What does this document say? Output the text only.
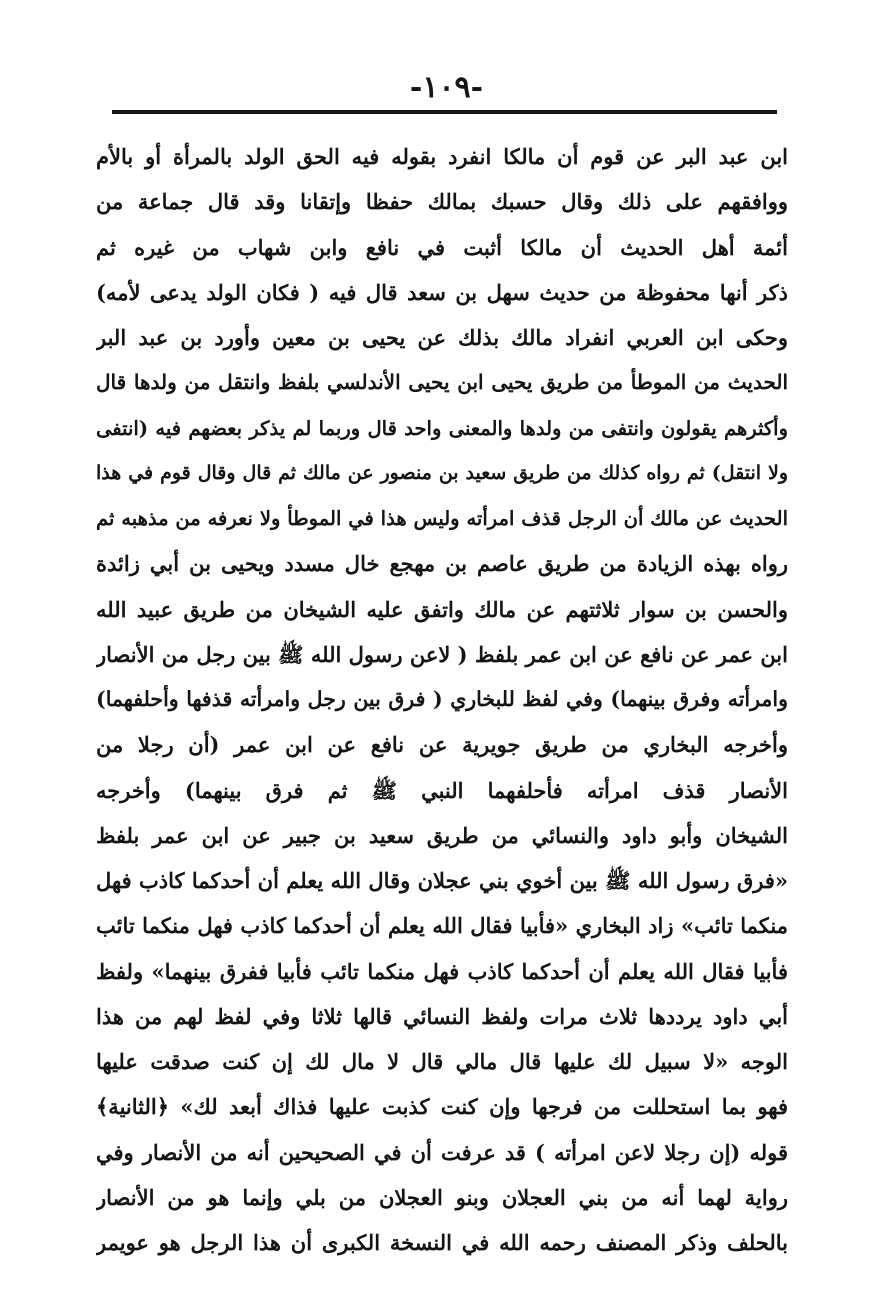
-١٠٩-
ابن عبد البر عن قوم أن مالكا انفرد بقوله فيه الحق الولد بالمرأة أو بالأم
ووافقهم على ذلك وقال حسبك بمالك حفظا وإتقانا وقد قال جماعة من
أئمة أهل الحديث أن مالكا أثبت في نافع وابن شهاب من غيره ثم
ذكر أنها محفوظة من حديث سهل بن سعد قال فيه ( فكان الولد يدعى لأمه)
وحكى ابن العربي انفراد مالك بذلك عن يحيى بن معين وأورد بن عبد البر
الحديث من الموطأ من طريق يحيى ابن يحيى الأندلسي بلفظ وانتقل من ولدها قال
وأكثرهم يقولون وانتفى من ولدها والمعنى واحد قال وربما لم يذكر بعضهم فيه (انتفى
ولا انتقل) ثم رواه كذلك من طريق سعيد بن منصور عن مالك ثم قال وقال قوم في هذا
الحديث عن مالك أن الرجل قذف امرأته وليس هذا في الموطأ ولا نعرفه من مذهبه ثم
رواه بهذه الزيادة من طريق عاصم بن مهجع خال مسدد ويحيى بن أبي زائدة
والحسن بن سوار ثلاثتهم عن مالك واتفق عليه الشيخان من طريق عبيد الله
ابن عمر عن نافع عن ابن عمر بلفظ ( لاعن رسول الله ﷺ بين رجل من الأنصار
وامرأته وفرق بينهما) وفي لفظ للبخاري ( فرق بين رجل وامرأته قذفها وأحلفهما)
وأخرجه البخاري من طريق جويرية عن نافع عن ابن عمر (أن رجلا من
الأنصار قذف امرأته فأحلفهما النبي ﷺ ثم فرق بينهما) وأخرجه
الشيخان وأبو داود والنسائي من طريق سعيد بن جبير عن ابن عمر بلفظ
«فرق رسول الله ﷺ بين أخوي بني عجلان وقال الله يعلم أن أحدكما كاذب فهل
منكما تائب» زاد البخاري «فأبيا فقال الله يعلم أن أحدكما كاذب فهل منكما تائب
فأبيا فقال الله يعلم أن أحدكما كاذب فهل منكما تائب فأبيا ففرق بينهما» ولفظ
أبي داود يرددها ثلاث مرات ولفظ النسائي قالها ثلاثا وفي لفظ لهم من هذا
الوجه «لا سبيل لك عليها قال مالي قال لا مال لك إن كنت صدقت عليها
فهو بما استحللت من فرجها وإن كنت كذبت عليها فذاك أبعد لك» ﴿الثانية﴾
قوله (إن رجلا لاعن امرأته ) قد عرفت أن في الصحيحين أنه من الأنصار وفي
رواية لهما أنه من بني العجلان وبنو العجلان من بلي وإنما هو من الأنصار
بالحلف وذكر المصنف رحمه الله في النسخة الكبرى أن هذا الرجل هو عويمر
